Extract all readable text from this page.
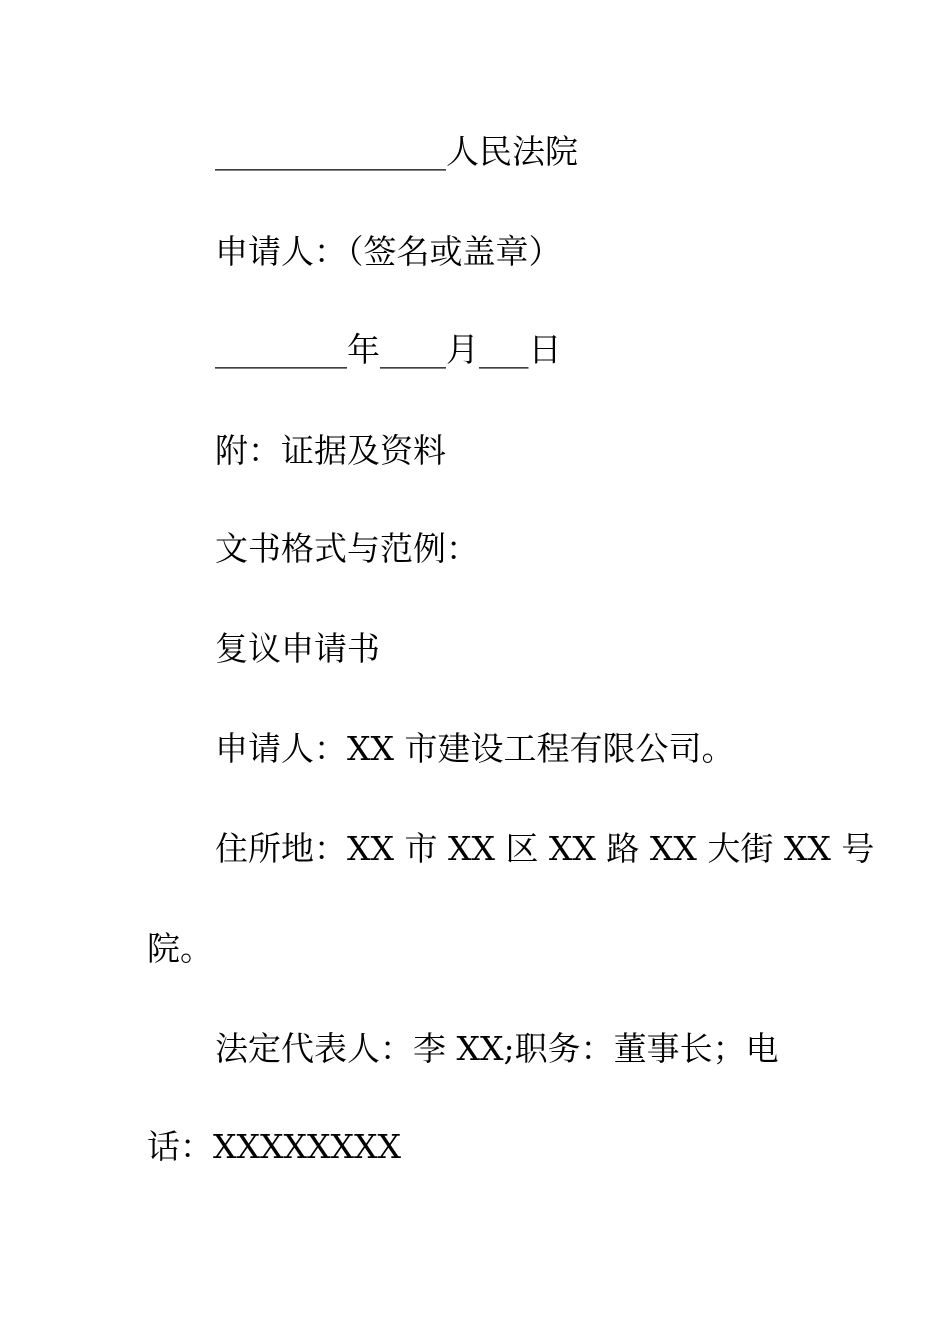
______________人民法院
申请人：（签名或盖章）
________年____月___日
附：证据及资料
文书格式与范例：
复议申请书
申请人：XX 市建设工程有限公司。
住所地：XX 市 XX 区 XX 路 XX 大街 XX 号
院。
法定代表人：李 XX;职务：董事长；电
话：XXXXXXXX
